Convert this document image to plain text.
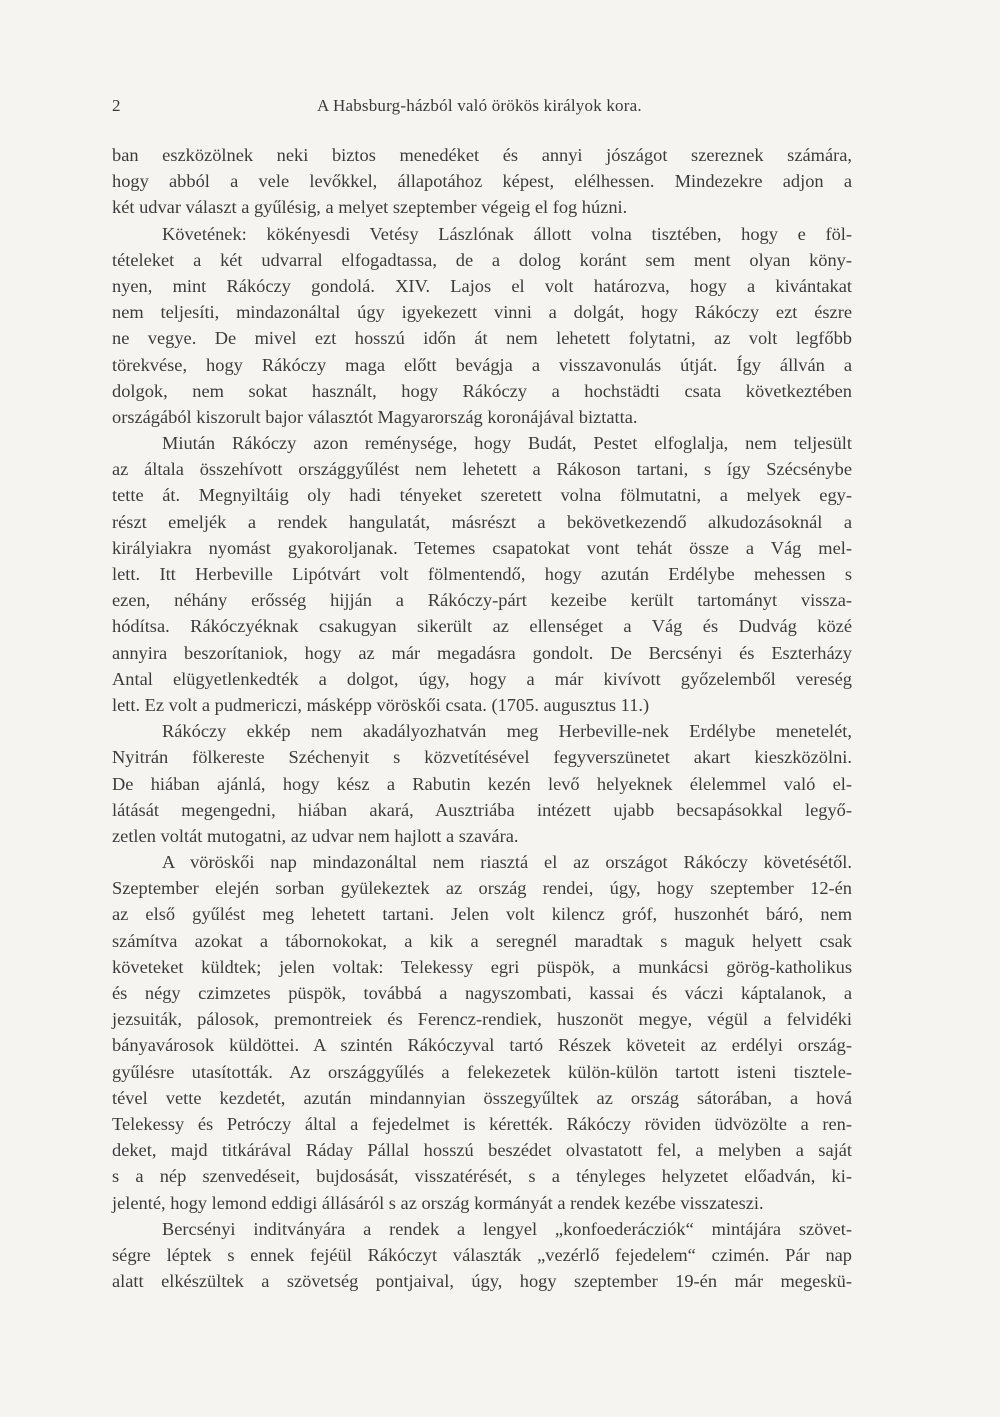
2	A Habsburg-házból való örökös királyok kora.

ban eszközölnek neki biztos menedéket és annyi jószágot szereznek számára,
hogy abból a vele levőkkel, állapotához képest, elélhessen. Mindezekre adjon a
két udvar választ a gyűlésig, a melyet szeptember végeig el fog húzni.

Követének: kökényesdi Vetésy Lászlónak állott volna tisztében, hogy e föl-
tételeket a két udvarral elfogadtassa, de a dolog koránt sem ment olyan köny-
nyen, mint Rákóczy gondolá. XIV. Lajos el volt határozva, hogy a kivántakat
nem teljesíti, mindazonáltal úgy igyekezett vinni a dolgát, hogy Rákóczy ezt észre
ne vegye. De mivel ezt hosszú időn át nem lehetett folytatni, az volt legfőbb
törekvése, hogy Rákóczy maga előtt bevágja a visszavonulás útját. Így állván a
dolgok, nem sokat használt, hogy Rákóczy a hochstädti csata következtében
országából kiszorult bajor választót Magyarország koronájával biztatta.

Miután Rákóczy azon reménysége, hogy Budát, Pestet elfoglalja, nem teljesült
az általa összehívott országgyűlést nem lehetett a Rákoson tartani, s így Szécsénybe
tette át. Megnyiltáig oly hadi tényeket szeretett volna fölmutatni, a melyek egy-
részt emeljék a rendek hangulatát, másrészt a bekövetkezendő alkudozásoknál a
királyiakra nyomást gyakoroljanak. Tetemes csapatokat vont tehát össze a Vág mel-
lett. Itt Herbeville Lipótvárt volt fölmentendő, hogy azután Erdélybe mehessen s
ezen, néhány erősség hijján a Rákóczy-párt kezeibe került tartományt vissza-
hódítsa. Rákóczyéknak csakugyan sikerült az ellenséget a Vág és Dudvág közé
annyira beszorítaniok, hogy az már megadásra gondolt. De Bercsényi és Eszterházy
Antal elügyetlenkedték a dolgot, úgy, hogy a már kivívott győzelemből vereség
lett. Ez volt a pudmericzi, másképp vöröskői csata. (1705. augusztus 11.)

Rákóczy ekkép nem akadályozhatván meg Herbeville-nek Erdélybe menetelét,
Nyitrán fölkereste Széchenyit s közvetítésével fegyverszünetet akart kieszközölni.
De hiában ajánlá, hogy kész a Rabutin kezén levő helyeknek élelemmel való el-
látását megengedni, hiában akará, Ausztriába intézett ujabb becsapásokkal legyő-
zetlen voltát mutogatni, az udvar nem hajlott a szavára.

A vöröskői nap mindazonáltal nem riasztá el az országot Rákóczy követésétől.
Szeptember elején sorban gyülekeztek az ország rendei, úgy, hogy szeptember 12-én
az első gyűlést meg lehetett tartani. Jelen volt kilencz gróf, huszonhét báró, nem
számítva azokat a tábornokokat, a kik a seregnél maradtak s maguk helyett csak
követeket küldtek; jelen voltak: Telekessy egri püspök, a munkácsi görög-katholikus
és négy czimzetes püspök, továbbá a nagyszombati, kassai és váczi káptalanok, a
jezsuiták, pálosok, premontreiek és Ferencz-rendiek, huszonöt megye, végül a felvidéki
bányavárosok küldöttei. A szintén Rákóczyval tartó Részek követeit az erdélyi ország-
gyűlésre utasították. Az országgyűlés a felekezetek külön-külön tartott isteni tisztele-
tével vette kezdetét, azután mindannyian összegyűltek az ország sátorában, a hová
Telekessy és Petróczy által a fejedelmet is kérették. Rákóczy röviden üdvözölte a ren-
deket, majd titkárával Ráday Pállal hosszú beszédet olvastatott fel, a melyben a saját
s a nép szenvedéseit, bujdosását, visszatérését, s a tényleges helyzetet előadván, ki-
jelenté, hogy lemond eddigi állásáról s az ország kormányát a rendek kezébe visszateszi.

Bercsényi inditványára a rendek a lengyel „konfoederácziók“ mintájára szövet-
ségre léptek s ennek fejéül Rákóczyt választák „vezérlő fejedelem“ czimén. Pár nap
alatt elkészültek a szövetség pontjaival, úgy, hogy szeptember 19-én már megeskü-
